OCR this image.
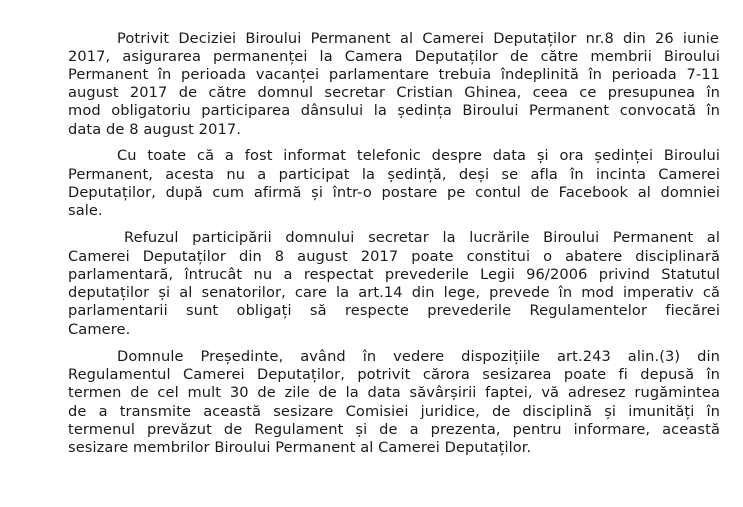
Potrivit Deciziei Biroului Permanent al Camerei Deputaților nr.8 din 26 iunie
2017, asigurarea permanenței la Camera Deputaților de către membrii Biroului
Permanent în perioada vacanței parlamentare trebuia îndeplinită în perioada 7-11
august 2017 de către domnul secretar Cristian Ghinea, ceea ce presupunea în
mod obligatoriu participarea dânsului la ședința Biroului Permanent convocată în
data de 8 august 2017.
Cu toate că a fost informat telefonic despre data și ora ședinței Biroului
Permanent, acesta nu a participat la ședință, deși se afla în incinta Camerei
Deputaților, după cum afirmă și într-o postare pe contul de Facebook al domniei
sale.
Refuzul participării domnului secretar la lucrările Biroului Permanent al
Camerei Deputaților din 8 august 2017 poate constitui o abatere disciplinară
parlamentară, întrucât nu a respectat prevederile Legii 96/2006 privind Statutul
deputaților și al senatorilor, care la art.14 din lege, prevede în mod imperativ că
parlamentarii sunt obligați să respecte prevederile Regulamentelor fiecărei
Camere.
Domnule Președinte, având în vedere dispozițiile art.243 alin.(3) din
Regulamentul Camerei Deputaților, potrivit cărora sesizarea poate fi depusă în
termen de cel mult 30 de zile de la data săvârșirii faptei, vă adresez rugămintea
de a transmite această sesizare Comisiei juridice, de disciplină și imunități în
termenul prevăzut de Regulament și de a prezenta, pentru informare, această
sesizare membrilor Biroului Permanent al Camerei Deputaților.
